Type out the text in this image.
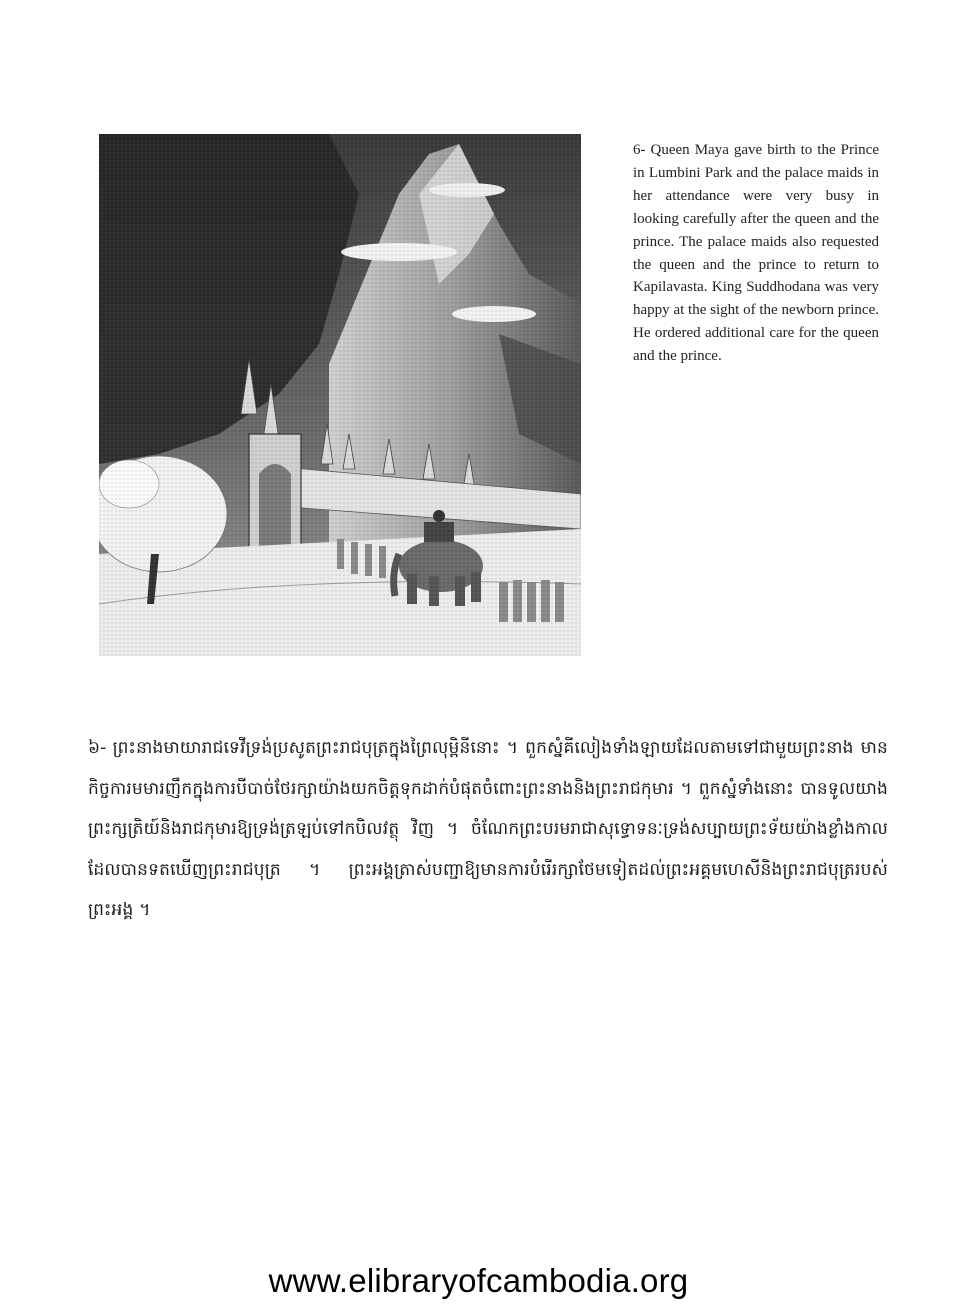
6- Queen Maya gave birth to the Prince in Lumbini Park and the palace maids in her attendance were very busy in looking carefully after the queen and the prince. The palace maids also requested the queen and the prince to return to Kapilavasta. King Suddhodana was very happy at the sight of the newborn prince. He ordered additional care for the queen and the prince.
៦- ព្រះនាងមាយារាជទេវីទ្រង់ប្រសូតព្រះរាជបុត្រក្នុងព្រៃលុម្ពិនីនោះ ។ ពួកស្នំគីលៀងទាំងឡាយដែលតាមទៅជាមួយព្រះនាង មានកិច្ចការមមារញឹកក្នុងការបីបាច់ថែរក្សាយ៉ាងយកចិត្តទុកដាក់បំផុតចំពោះព្រះនាងនិងព្រះរាជកុមារ ។ ពួកស្នំទាំងនោះ បានទូលយាងព្រះក្សត្រិយ៍និងរាជកុមារឱ្យទ្រង់ត្រឡប់ទៅកបិលវត្ថុ វិញ ។ ចំណែកព្រះបរមរាជាសុទ្ធោទនៈទ្រង់សប្បាយព្រះទ័យយ៉ាងខ្លាំងកាលដែលបានទតឃើញព្រះរាជបុត្រ ។ ព្រះអង្គត្រាស់បញ្ជាឱ្យមានការបំរើរក្សាថែមទៀតដល់ព្រះអគ្គមហេសីនិងព្រះរាជបុត្ររបស់ព្រះអង្គ ។
www.elibraryofcambodia.org
